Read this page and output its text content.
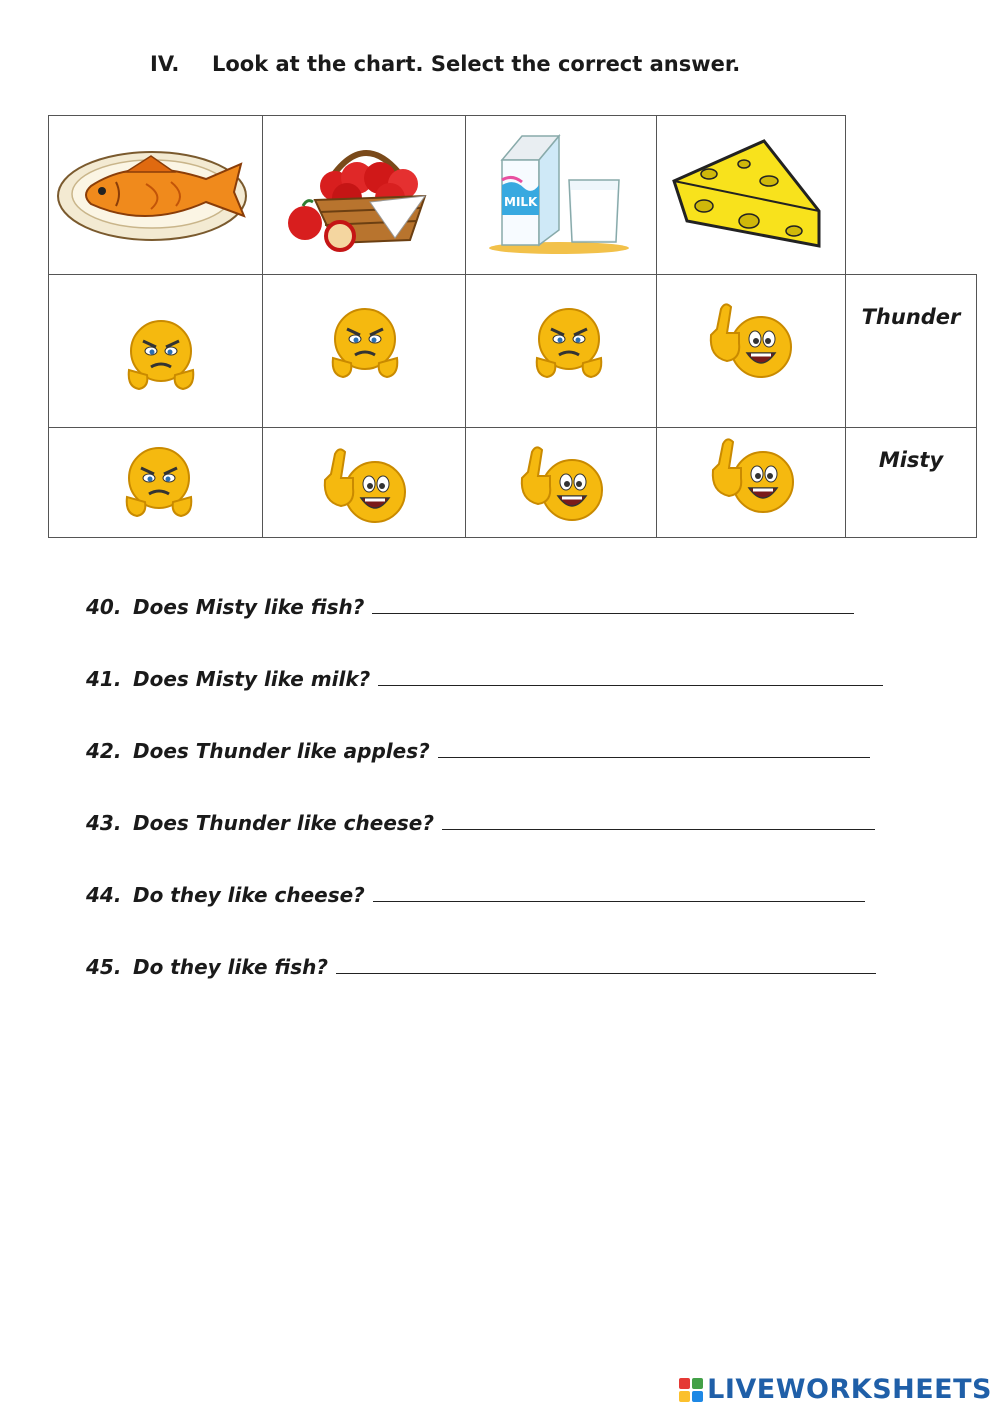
IV. Look at the chart. Select the correct answer.
MILK
Thunder
Misty
40. Does Misty like fish?
41. Does Misty like milk?
42. Does Thunder like apples?
43. Does Thunder like cheese?
44. Do they like cheese?
45. Do they like fish?
LIVEWORKSHEETS
